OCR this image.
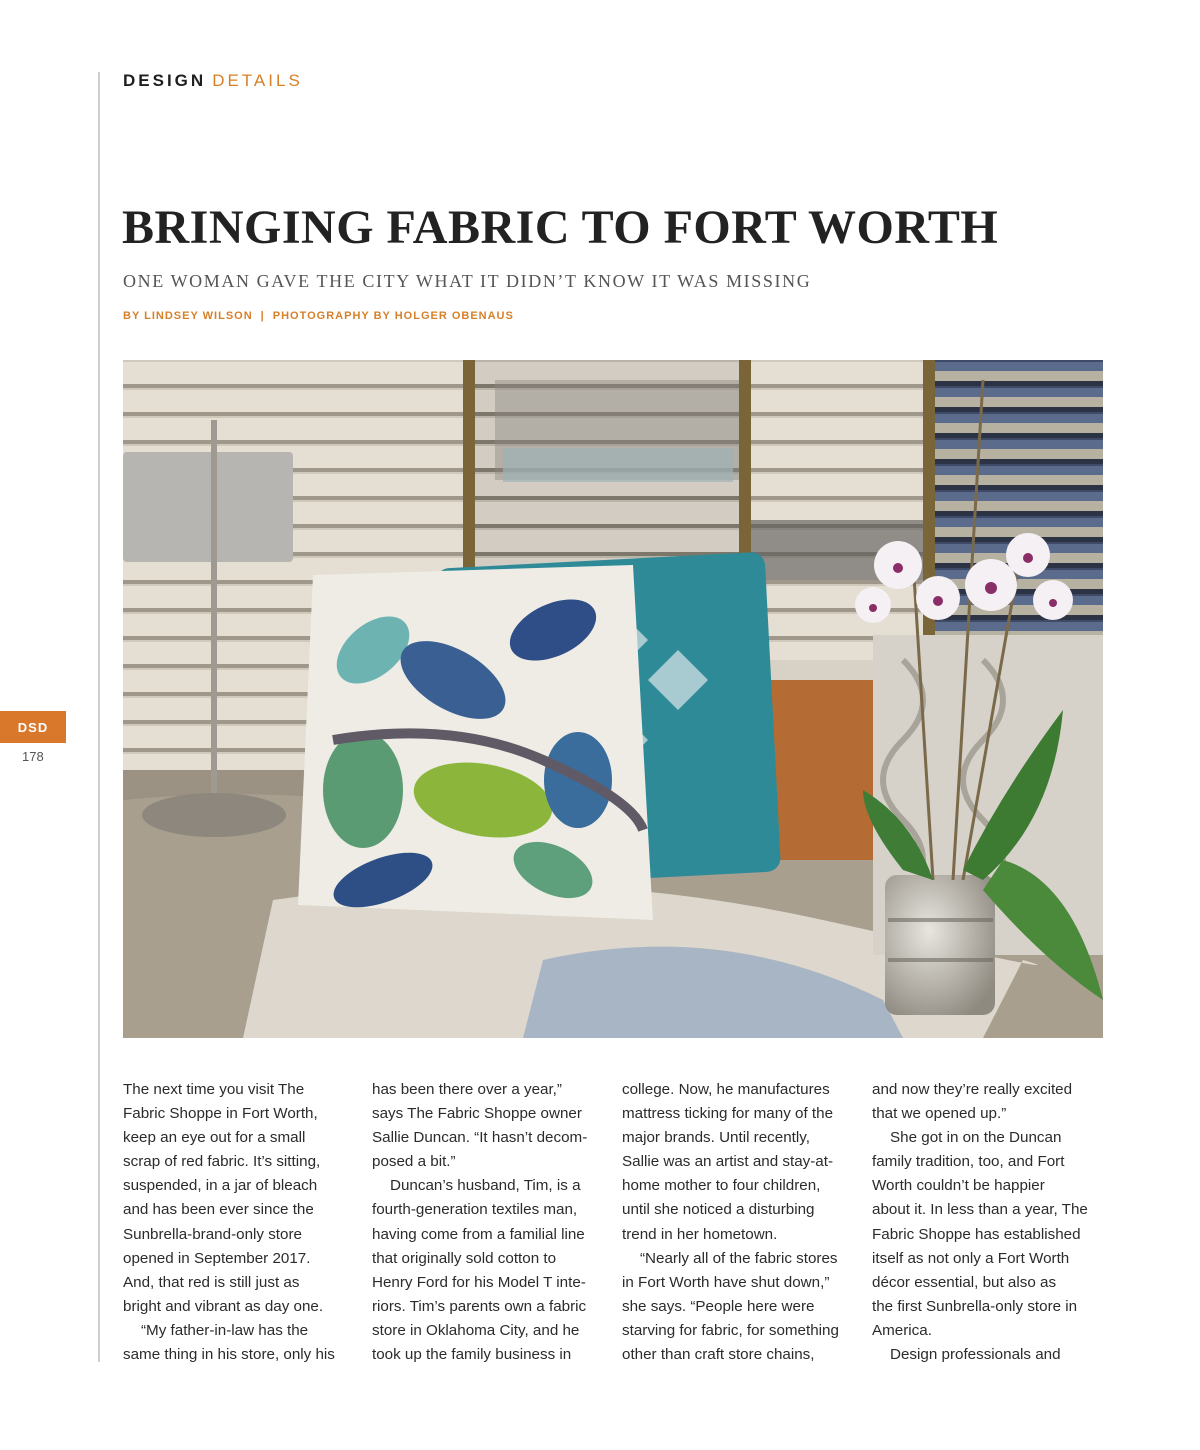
DESIGN DETAILS
BRINGING FABRIC TO FORT WORTH
ONE WOMAN GAVE THE CITY WHAT IT DIDN’T KNOW IT WAS MISSING
BY LINDSEY WILSON | PHOTOGRAPHY BY HOLGER OBENAUS
DSD
178
The next time you visit The
Fabric Shoppe in Fort Worth,
keep an eye out for a small
scrap of red fabric. It’s sitting,
suspended, in a jar of bleach
and has been ever since the
Sunbrella-brand-only store
opened in September 2017.
And, that red is still just as
bright and vibrant as day one.
“My father-in-law has the
same thing in his store, only his
has been there over a year,”
says The Fabric Shoppe owner
Sallie Duncan. “It hasn’t decom-
posed a bit.”
Duncan’s husband, Tim, is a
fourth-generation textiles man,
having come from a familial line
that originally sold cotton to
Henry Ford for his Model T inte-
riors. Tim’s parents own a fabric
store in Oklahoma City, and he
took up the family business in
college. Now, he manufactures
mattress ticking for many of the
major brands. Until recently,
Sallie was an artist and stay-at-
home mother to four children,
until she noticed a disturbing
trend in her hometown.
“Nearly all of the fabric stores
in Fort Worth have shut down,”
she says. “People here were
starving for fabric, for something
other than craft store chains,
and now they’re really excited
that we opened up.”
She got in on the Duncan
family tradition, too, and Fort
Worth couldn’t be happier
about it. In less than a year, The
Fabric Shoppe has established
itself as not only a Fort Worth
décor essential, but also as
the first Sunbrella-only store in
America.
Design professionals and
